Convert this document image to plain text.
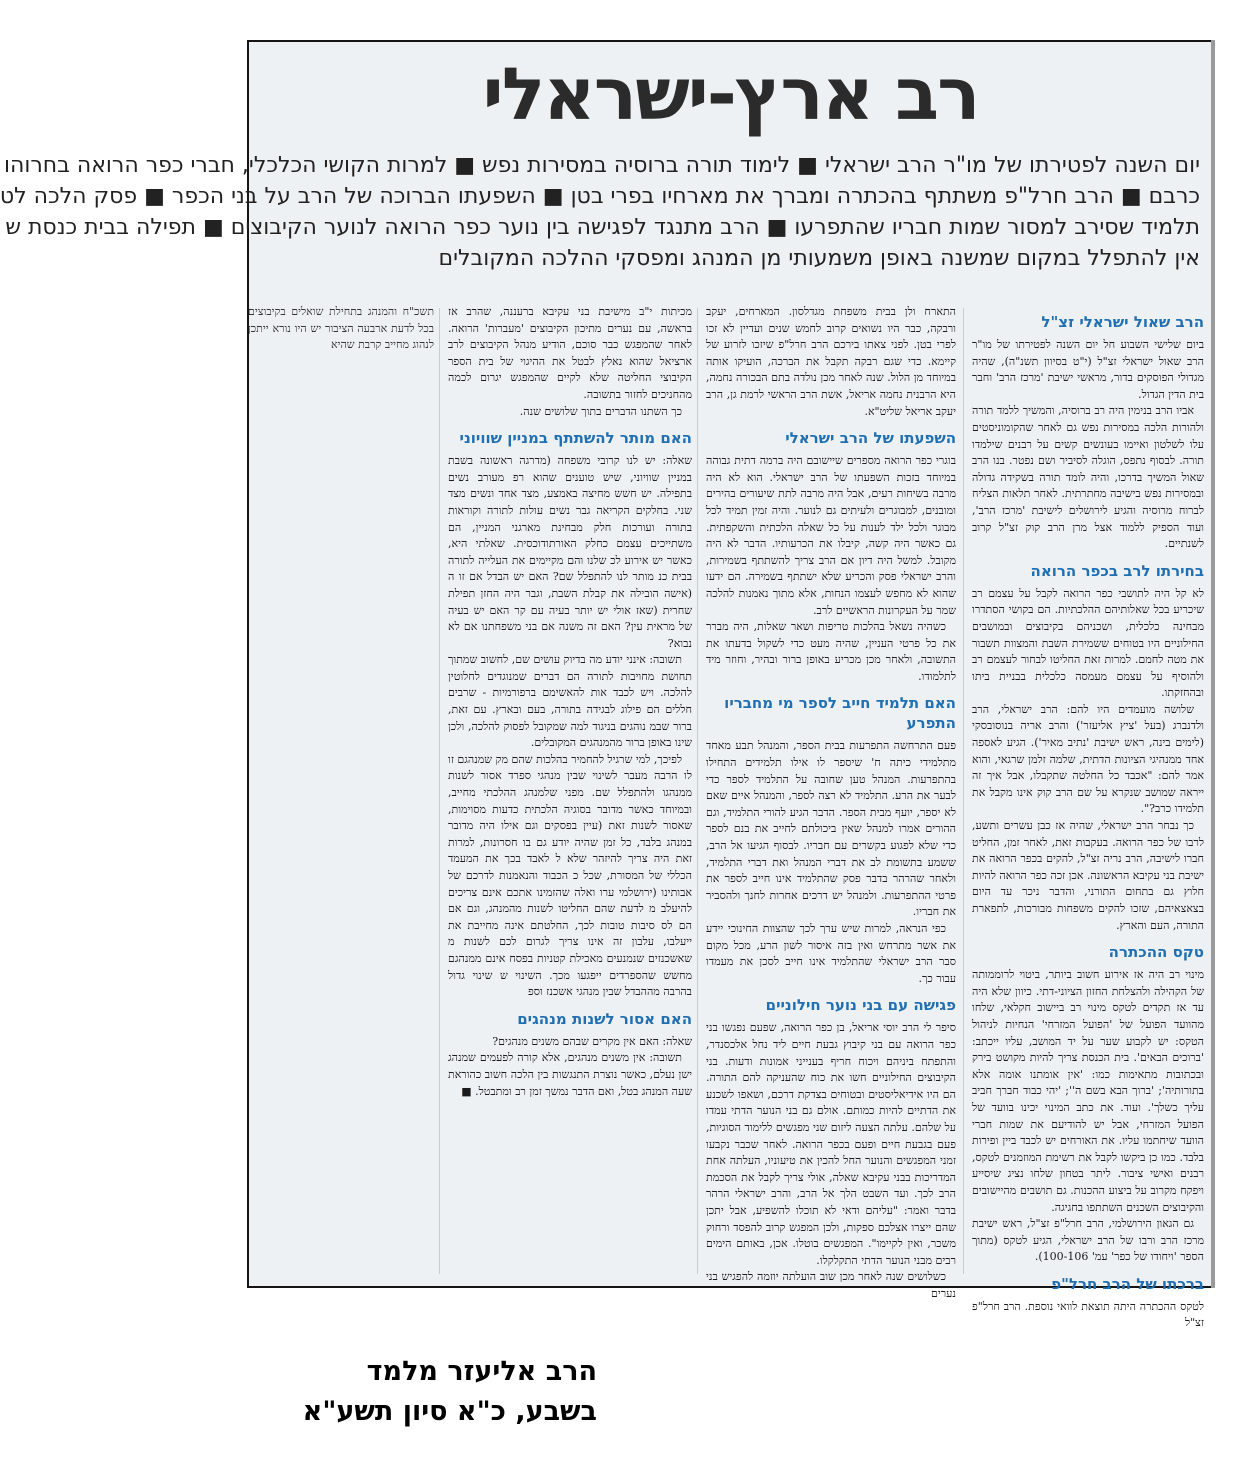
רב ארץ-ישראלי
יום השנה לפטירתו של מו"ר הרב ישראלי ■ לימוד תורה ברוסיה במסירות נפש ■ למרות הקושי הכלכלי, חברי כפר הרואה בחרוהו
כרבם ■ הרב חרל"פ משתתף בהכתרה ומברך את מארחיו בפרי בטן ■ השפעתו הברוכה של הרב על בני הכפר ■ פסק הלכה לט
תלמיד שסירב למסור שמות חבריו שהתפרעו ■ הרב מתנגד לפגישה בין נוער כפר הרואה לנוער הקיבוצים ■ תפילה בבית כנסת ש
אין להתפלל במקום שמשנה באופן משמעותי מן המנהג ומפסקי ההלכה המקובלים
הרב שאול ישראלי זצ"ל

ביום שלישי השבוע חל יום השנה לפטירתו של מו"ר הרב שאול ישראלי זצ"ל (י"ט בסיוון תשנ"ה), שהיה מגדולי הפוסקים בדור, מראשי ישיבת 'מרכז הרב' וחבר בית הדין הגדול.

אביו הרב בנימין היה רב ברוסיה, והמשיך ללמד תורה ולהורות הלכה במסירות נפש גם לאחר שהקומוניסטים עלו לשלטון ואיימו בעונשים קשים על רבנים שילמדו תורה. לבסוף נתפס, הוגלה לסיביר ושם נפטר. בנו הרב שאול המשיך בדרכו, והיה לומד תורה בשקידה גדולה ובמסירות נפש בישיבה מחתרתית. לאחר תלאות הצליח לברוח מרוסיה והגיע לירושלים לישיבת 'מרכז הרב', ועוד הספיק ללמוד אצל מרן הרב קוק זצ"ל קרוב לשנתיים.

בחירתו לרב בכפר הרואה

לא קל היה לתושבי כפר הרואה לקבל על עצמם רב שיכריע בכל שאלותיהם ההלכתיות. הם בקושי הסתדרו מבחינה כלכלית, ושכניהם בקיבוצים ובמושבים החילוניים היו בטוחים ששמירת השבת והמצוות תשבור את מטה לחמם. למרות זאת החליטו לבחור לעצמם רב ולהוסיף על עצמם מעמסה כלכלית בבניית ביתו ובהחזקתו.

שלושה מועמדים היו להם: הרב ישראלי, הרב ולדנברג (בעל 'ציץ אליעזר') והרב אריה בנוסובסקי (לימים בינה, ראש ישיבת 'נתיב מאיר'). הגיע לאספה אחד ממנהיגי הציונות הדתית, שלמה זלמן שרגאי, והוא אמר להם: "אכבד כל החלטה שתקבלו, אבל איך זה ייראה שמושב שנקרא על שם הרב קוק אינו מקבל את תלמידו כרב?".

כך נבחר הרב ישראלי, שהיה אז כבן עשרים ותשע, לרבו של כפר הרואה. בעקבות זאת, לאחר זמן, החליט חברו לישיבה, הרב נריה זצ"ל, להקים בכפר הרואה את ישיבת בני עקיבא הראשונה. אכן זכה כפר הרואה להיות חלוץ גם בתחום התורני, והדבר ניכר עד היום בצאצאיהם, שזכו להקים משפחות מבורכות, לתפארת התורה, העם והארץ.

טקס ההכתרה

מינוי רב היה אז אירוע חשוב ביותר, ביטוי לרוממותה של הקהילה ולהצלחת החזון הציוני-דתי. כיוון שלא היה עד אז תקדים לטקס מינוי רב ביישוב חקלאי, שלחו מהוועד הפועל של 'הפועל המזרחי' הנחיות לניהול הטקס: יש לקבוע שער על יד המושב, עליו ייכתב: 'ברוכים הבאים'. בית הכנסת צריך להיות מקושט בירק ובכתובות מתאימות כמו: 'אין אומתנו אומה אלא בתורותיה'; 'ברוך הבא בשם ה''; 'יהי כבוד חברך חביב עליך כשלך'. ועוד. את כתב המינוי יכינו בוועד של הפועל המזרחי, אבל יש להודיעם את שמות חברי הוועד שיחתמו עליו. את האורחים יש לכבד ביין ופירות בלבד. כמו כן ביקשו לקבל את רשימת המוזמנים לטקס, רבנים ואישי ציבור. ליתר בטחון שלחו נציג שיסייע ויפקח מקרוב על ביצוע ההכנות. גם תושבים מהיישובים והקיבוצים השכנים השתתפו בחגיגה.

גם הגאון הירושלמי, הרב חרל"פ זצ"ל, ראש ישיבת מרכז הרב ורבו של הרב ישראלי, הגיע לטקס (מתוך הספר 'ויחודו של כפר' עמ' 100-106).

ברכתו של הרב חרל"פ

לטקס ההכתרה היתה תוצאת לוואי נוספת. הרב חרל"פ זצ"ל

התארח ולן בבית משפחת מגדלסון. המארחים, יעקב ורבקה, כבר היו נשואים קרוב לחמש שנים ועדיין לא זכו לפרי בטן. לפני צאתו בירכם הרב חרל"פ שיזכו לזרוע של קיימא. כדי שגם רבקה תקבל את הברכה, הועיקו אותה במיוחד מן הלול. שנה לאחר מכן נולדה בתם הבכורה נחמה, היא הרבנית נחמה אריאל, אשת הרב הראשי לרמת גן, הרב יעקב אריאל שליט"א.

השפעתו של הרב ישראלי

בוגרי כפר הרואה מספרים שיישובם היה ברמה דתית גבוהה במיוחד בזכות השפעתו של הרב ישראלי. הוא לא היה מרבה בשיחות רעים, אבל היה מרבה לתת שיעורים בהירים ומובנים, למבוגרים ולעיתים גם לנוער. והיה זמין תמיד לכל מבוגר ולכל ילד לענות על כל שאלה הלכתית והשקפתית. גם כאשר היה קשה, קיבלו את הכרעותיו. הדבר לא היה מקובל. למשל היה דיון אם הרב צריך להשתתף בשמירות, והרב ישראלי פסק והכריע שלא ישתתף בשמירה. הם ידעו שהוא לא מחפש לעצמו הנחות, אלא מתוך נאמנות להלכה שמר על העקרונות הראשיים לרב.

כשהיה נשאל בהלכות טריפות ושאר שאלות, היה מברר את כל פרטי העניין, שהיה מעט כדי לשקול בדעתו את התשובה, ולאחר מכן מכריע באופן ברור ובהיר, וחוזר מיד לתלמודו.

האם תלמיד חייב לספר מי מחבריו התפרע

פעם התרחשה התפרעות בבית הספר, והמנהל תבע מאחד מתלמידי כיתה ח' שיספר לו אילו תלמידים התחילו בהתפרעות. המנהל טען שחובה על התלמיד לספר כדי לבער את הרע. התלמיד לא רצה לספר, והמנהל איים שאם לא יספר, יועף מבית הספר. הדבר הגיע להורי התלמיד, וגם ההורים אמרו למנהל שאין ביכולתם לחייב את בנם לספר כדי שלא לפגוע בקשרים עם חבריו. לבסוף הגיעו אל הרב, ששמע בתשומת לב את דברי המנהל ואת דברי התלמיד, ולאחר שהרהר בדבר פסק שהתלמיד אינו חייב לספר את פרטי ההתפרעות. ולמנהל יש דרכים אחרות לחנך ולהסביר את חבריו.

כפי הנראה, למרות שיש ערך לכך שהצוות החינוכי יידע את אשר מתרחש ואין בזה איסור לשון הרע, מכל מקום סבר הרב ישראלי שהתלמיד אינו חייב לסכן את מעמדו עבור כך.

פגישה עם בני נוער חילוניים

סיפר לי הרב יוסי אריאל, בן כפר הרואה, שפעם נפגשו בני כפר הרואה עם בני קיבוץ גבעת חיים ליד נחל אלכסנדר, והתפתח ביניהם ויכוח חריף בענייני אמונות ודעות. בני הקיבוצים החילוניים חשו את כוח שהעניקה להם התורה. הם היו אידיאליסטים ובטוחים בצדקת דרכם, ושאפו לשכנע את הדתיים להיות כמותם. אולם גם בני הנוער הדתי עמדו על שלהם. עלתה הצעה ליזום שני מפגשים ללימוד הסוגיות, פעם בגבעת חיים ופעם בכפר הרואה. לאחר שכבר נקבעו זמני המפגשים והנוער החל להכין את טיעוניו, העלתה אחת המדריכות בבני עקיבא שאלה, אולי צריך לקבל את הסכמת הרב לכך. ועד השבט הלך אל הרב, והרב ישראלי הרהר בדבר ואמר: "עליהם ודאי לא תוכלו להשפיע, אבל יתכן שהם ייצרו אצלכם ספקות, ולכן המפגש קרוב להפסד ורחוק משכר, ואין לקיימו". המפגשים בוטלו. אכן, באותם הימים רבים מבני הנוער הדתי התקלקלו.

כשלושים שנה לאחר מכן שוב הועלתה יוזמה להפגיש בני נערים

מכיתות י"ב מישיבת בני עקיבא ברעננה, שהרב אז בראשה, עם נערים מתיכון הקיבוצים 'מעברות' הרואה. לאחר שהמפגש כבר סוכם, הודיע מנהל הקיבוצים לרב ארציאל שהוא נאלץ לבטל את ההיגוי של בית הספר הקיבוצי החליטה שלא לקיים שהמפגש יגרום לכמה מהחניכים לחזור בתשובה.

כך השתנו הדברים בתוך שלושים שנה.

האם מותר להשתתף במניין שוויוני

שאלה: יש לנו קרובי משפחה (מדרגה ראשונה בשבת במניין שוויוני, שיש טוענים שהוא רפ מעורב נשים בתפילה. יש חשש מחיצה באמצע, מצד אחד ונשים מצד שני. בחלקים הקריאה גבר נשים עולות לתורה וקוראות בתורה ועורכות חלק מבחינת מארגני המניין, הם משתייכים עצמם כחלק האורתודוכסית. שאלתי היא, כאשר יש אירוע לכ שלנו והם מקיימים את העלייה לתורה בבית כנ מותר לנו להתפלל שם? האם יש הבדל אם זו ה (אישה הובילה את קבלת השבת, וגבר היה החזן תפילת שחרית (שאז אולי יש יותר בעיה עם קר האם יש בעיה של מראית עין? האם זה משנה אם בני משפחתנו אם לא נבוא?

תשובה: אינני יודע מה בדיוק עושים שם, לחשוב שמתוך תחושת מחויבות לתורה הם דברים שמנוגדים לחלוטין להלכה. ויש לכבד אות להאשימם ברפורמיות - שרבים חללים הם פילוג לבגידה בתורה, בעם ובארץ. עם זאת, ברור שבמ נוהגים בניגוד למה שמקובל לפסוק להלכה, ולכן שינו באופן ברור מהמנהגים המקובלים.

לפיכך, למי שרגיל להחמיר בהלכות שהם מק שמנהגם זו לו הרבה מעבר לשינוי שבין מנהגי ספרד אסור לשנות ממנהגו ולהתפלל שם. מפני שלמנהג ההלכתי מחייב, ובמיוחד כאשר מדובר בסוגיה הלכתית כדעות מסוימות, שאסור לשנות זאת (עיין בפסקים וגם אילו היה מדובר במנהג בלבד, כל זמן שהיה יודע גם בו חסרונות, למרות זאת היה צריך להיזהר שלא ל לאבד בכך את המעמד הכללי של המסורת, שכל כ הכבוד והנאמנות לדרכם של אבותינו (ירושלמי ערו ואלה שהזמינו אתכם אינם צריכים להיעלב מ לדעת שהם החליטו לשנות מהמנהג, וגם אם הם לס סיבות טובות לכך, החלטתם אינה מחייבת את ייעלבו, עלבון זה אינו צריך לגרום לכם לשנות מ שאשכנזים שנמנעים מאכילת קטניות בפסח אינם ממנהגם מחשש שהספרדים ייפגעו מכך. השינוי ש שינוי גדול בהרבה מההבדל שבין מנהגי אשכנז וספ

האם אסור לשנות מנהגים

שאלה: האם אין מקרים שבהם משנים מנהגים?

תשובה: אין משנים מנהגים, אלא קורה לפעמים שמנהג ישן נעלם, כאשר נוצרת התנגשות בין הלכה חשוב כהוראת שעה המנהג בטל, ואם הדבר נמשך זמן רב ומתבטל. ■

תשכ"ח והמנהג בתחילת שואלים בקיבוצים בכל לדעת ארבעה הציבור יש היו נורא ייתכן לנהוג מחייב קרבת שהיא

הרב אליעזר מלמד
בשבע, כ"א סיון תשע"א
